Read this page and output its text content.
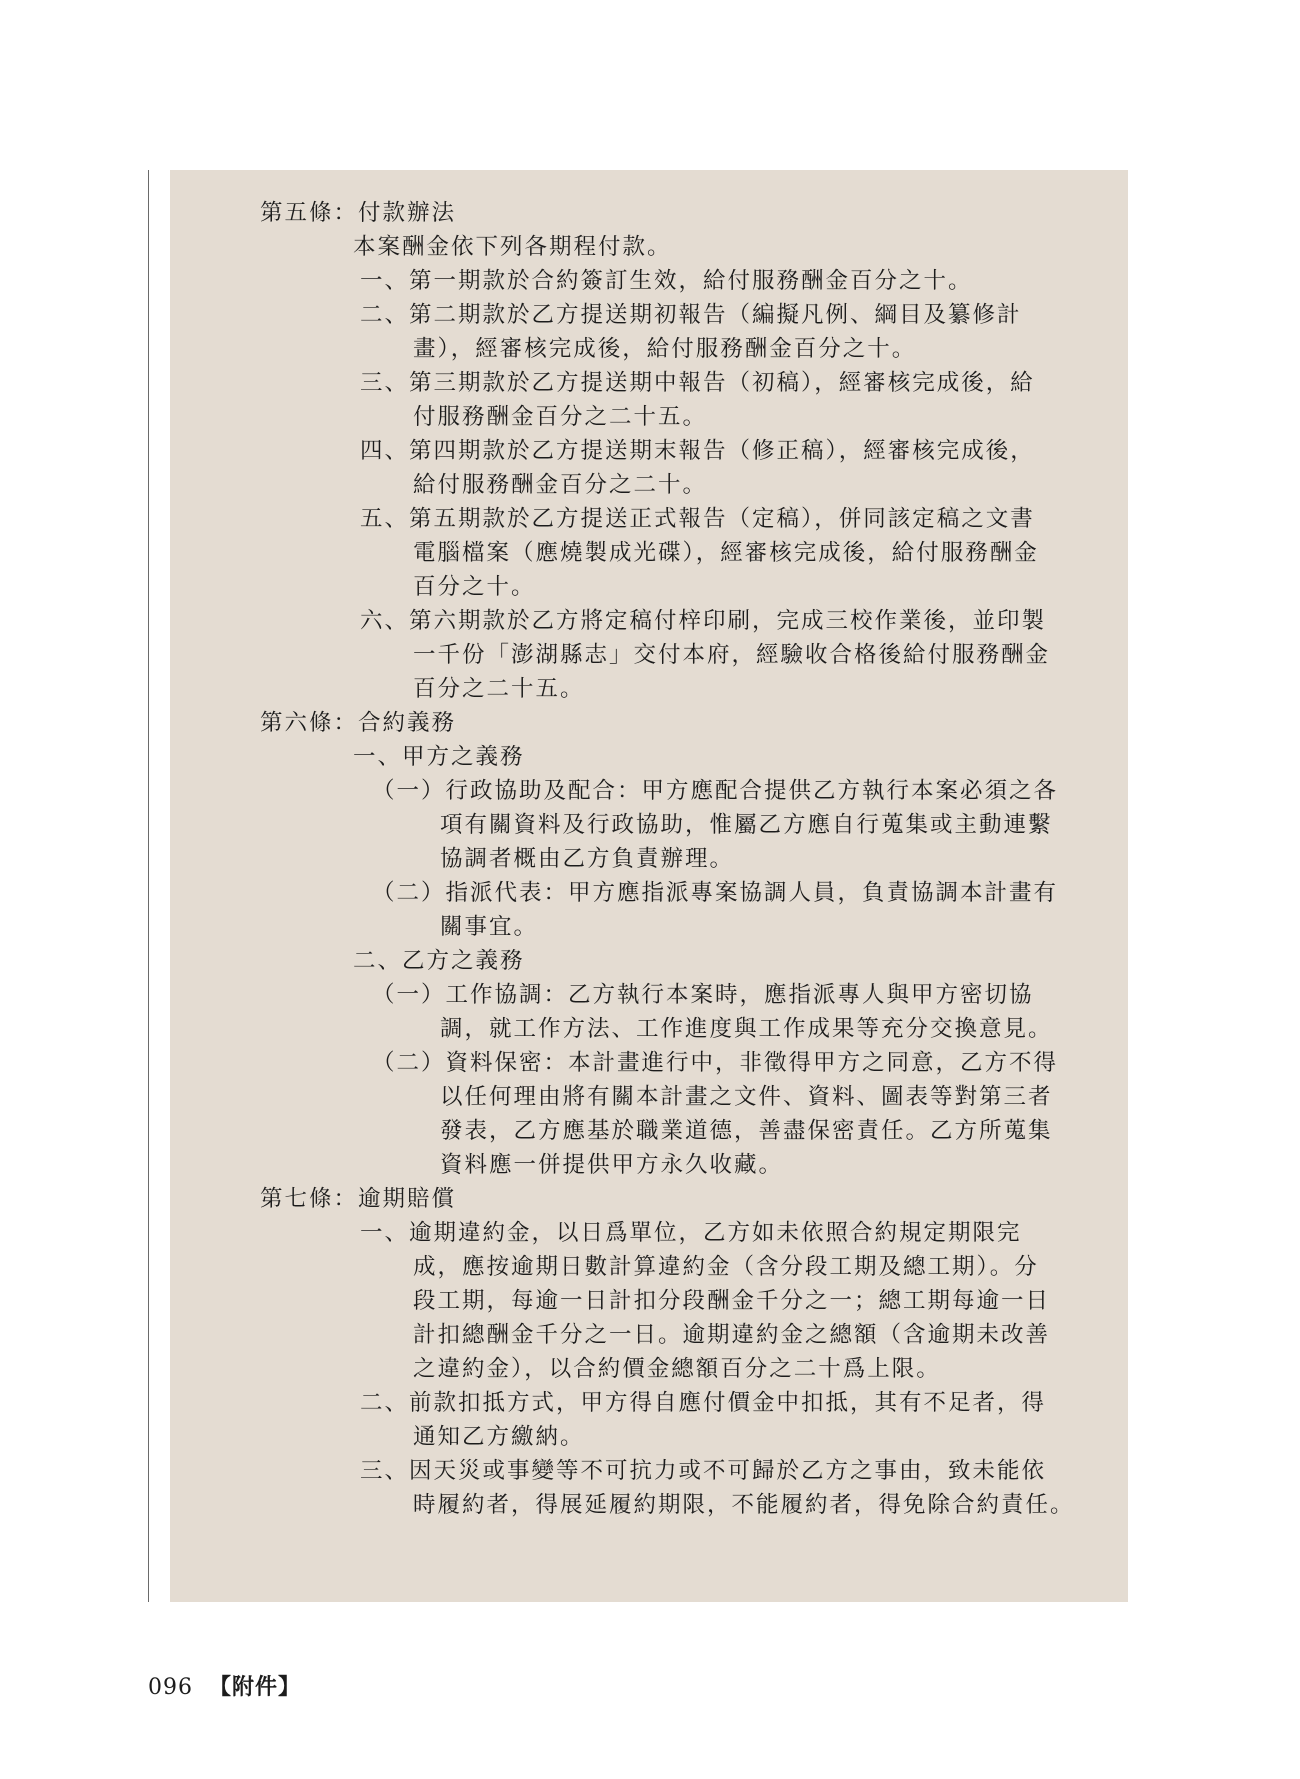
第五條：付款辦法
本案酬金依下列各期程付款。
一、第一期款於合約簽訂生效，給付服務酬金百分之十。
二、第二期款於乙方提送期初報告（編擬凡例、綱目及纂修計
畫），經審核完成後，給付服務酬金百分之十。
三、第三期款於乙方提送期中報告（初稿），經審核完成後，給
付服務酬金百分之二十五。
四、第四期款於乙方提送期末報告（修正稿），經審核完成後，
給付服務酬金百分之二十。
五、第五期款於乙方提送正式報告（定稿），併同該定稿之文書
電腦檔案（應燒製成光碟），經審核完成後，給付服務酬金
百分之十。
六、第六期款於乙方將定稿付梓印刷，完成三校作業後，並印製
一千份「澎湖縣志」交付本府，經驗收合格後給付服務酬金
百分之二十五。
第六條：合約義務
一、甲方之義務
（一）行政協助及配合：甲方應配合提供乙方執行本案必須之各
項有關資料及行政協助，惟屬乙方應自行蒐集或主動連繫
協調者概由乙方負責辦理。
（二）指派代表：甲方應指派專案協調人員，負責協調本計畫有
關事宜。
二、乙方之義務
（一）工作協調：乙方執行本案時，應指派專人與甲方密切協
調，就工作方法、工作進度與工作成果等充分交換意見。
（二）資料保密：本計畫進行中，非徵得甲方之同意，乙方不得
以任何理由將有關本計畫之文件、資料、圖表等對第三者
發表，乙方應基於職業道德，善盡保密責任。乙方所蒐集
資料應一併提供甲方永久收藏。
第七條：逾期賠償
一、逾期違約金，以日爲單位，乙方如未依照合約規定期限完
成，應按逾期日數計算違約金（含分段工期及總工期）。分
段工期，每逾一日計扣分段酬金千分之一；總工期每逾一日
計扣總酬金千分之一日。逾期違約金之總額（含逾期未改善
之違約金），以合約價金總額百分之二十爲上限。
二、前款扣抵方式，甲方得自應付價金中扣抵，其有不足者，得
通知乙方繳納。
三、因天災或事變等不可抗力或不可歸於乙方之事由，致未能依
時履約者，得展延履約期限，不能履約者，得免除合約責任。
096 【附件】
